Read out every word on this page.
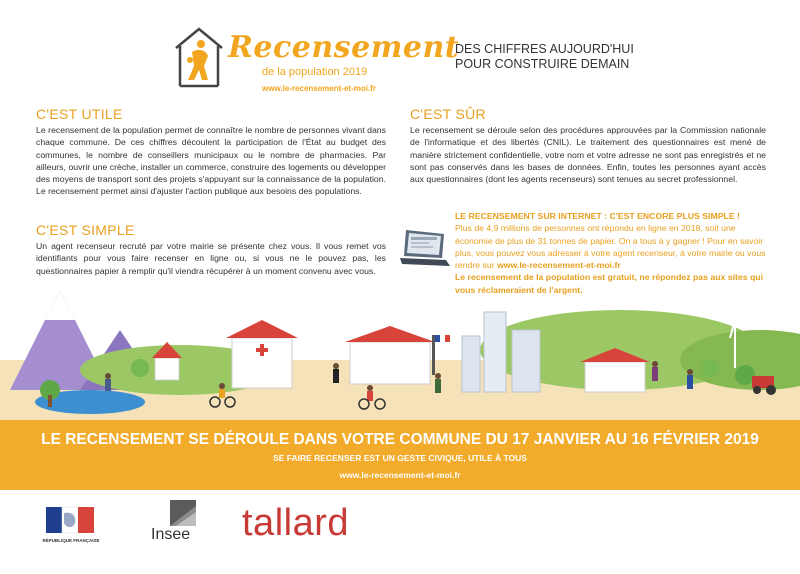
Recensement
de la population 2019
www.le-recensement-et-moi.fr
DES CHIFFRES AUJOURD'HUI
POUR CONSTRUIRE DEMAIN
C'EST UTILE
Le recensement de la population permet de connaître le nombre de personnes vivant dans chaque commune. De ces chiffres découlent la participation de l'État au budget des communes, le nombre de conseillers municipaux ou le nombre de pharmacies. Par ailleurs, ouvrir une crèche, installer un commerce, construire des logements ou développer des moyens de transport sont des projets s'appuyant sur la connaissance de la population. Le recensement permet ainsi d'ajuster l'action publique aux besoins des populations.
C'EST SIMPLE
Un agent recenseur recruté par votre mairie se présente chez vous. Il vous remet vos identifiants pour vous faire recenser en ligne ou, si vous ne le pouvez pas, les questionnaires papier à remplir qu'il viendra récupérer à un moment convenu avec vous.
C'EST SÛR
Le recensement se déroule selon des procédures approuvées par la Commission nationale de l'informatique et des libertés (CNIL). Le traitement des questionnaires est mené de manière strictement confidentielle, votre nom et votre adresse ne sont pas enregistrés et ne sont pas conservés dans les bases de données. Enfin, toutes les personnes ayant accès aux questionnaires (dont les agents recenseurs) sont tenues au secret professionnel.
LE RECENSEMENT SUR INTERNET : C'EST ENCORE PLUS SIMPLE !
Plus de 4,9 millions de personnes ont répondu en ligne en 2018, soit une économie de plus de 31 tonnes de papier. On a tous à y gagner ! Pour en savoir plus, vous pouvez vous adresser à votre agent recenseur, à votre mairie ou vous rendre sur www.le-recensement-et-moi.fr
Le recensement de la population est gratuit, ne répondez pas aux sites qui vous réclameraient de l'argent.
LE RECENSEMENT SE DÉROULE DANS VOTRE COMMUNE DU 17 JANVIER AU 16 FÉVRIER 2019
SE FAIRE RECENSER EST UN GESTE CIVIQUE, UTILE À TOUS
www.le-recensement-et-moi.fr
RÉPUBLIQUE FRANÇAISE	Insee tallard
